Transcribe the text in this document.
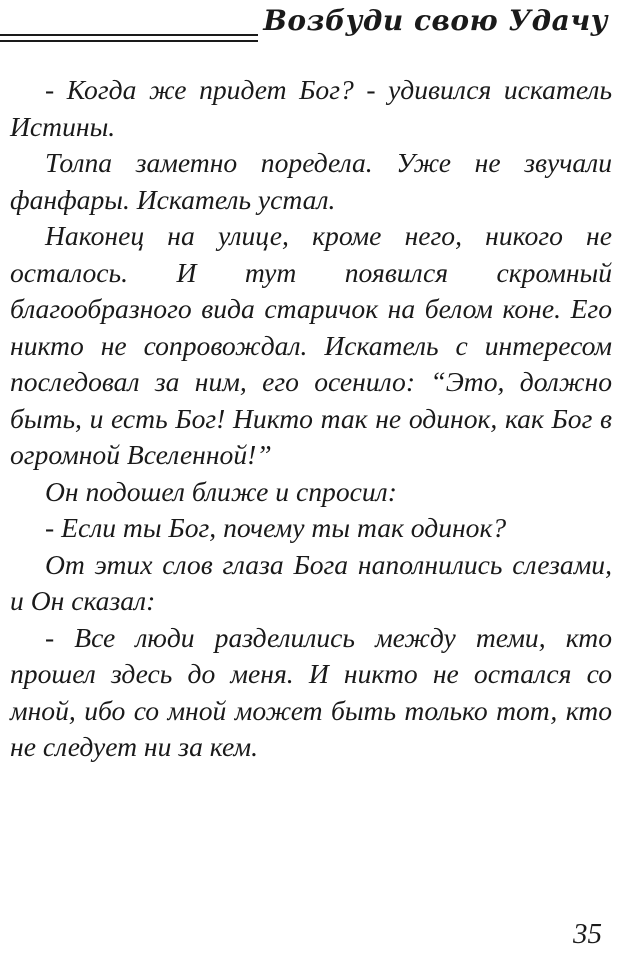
Возбуди свою Удачу

- Когда же придет Бог? - удивился искатель Истины.

Толпа заметно поредела. Уже не звучали фанфары. Искатель устал.

Наконец на улице, кроме него, никого не осталось. И тут появился скромный благообразного вида старичок на белом коне. Его никто не сопровождал. Искатель с интересом последовал за ним, его осенило: “Это, должно быть, и есть Бог! Никто так не одинок, как Бог в огромной Вселенной!”

Он подошел ближе и спросил:

- Если ты Бог, почему ты так одинок?

От этих слов глаза Бога наполнились слезами, и Он сказал:

- Все люди разделились между теми, кто прошел здесь до меня. И никто не остался со мной, ибо со мной может быть только тот, кто не следует ни за кем.

35
